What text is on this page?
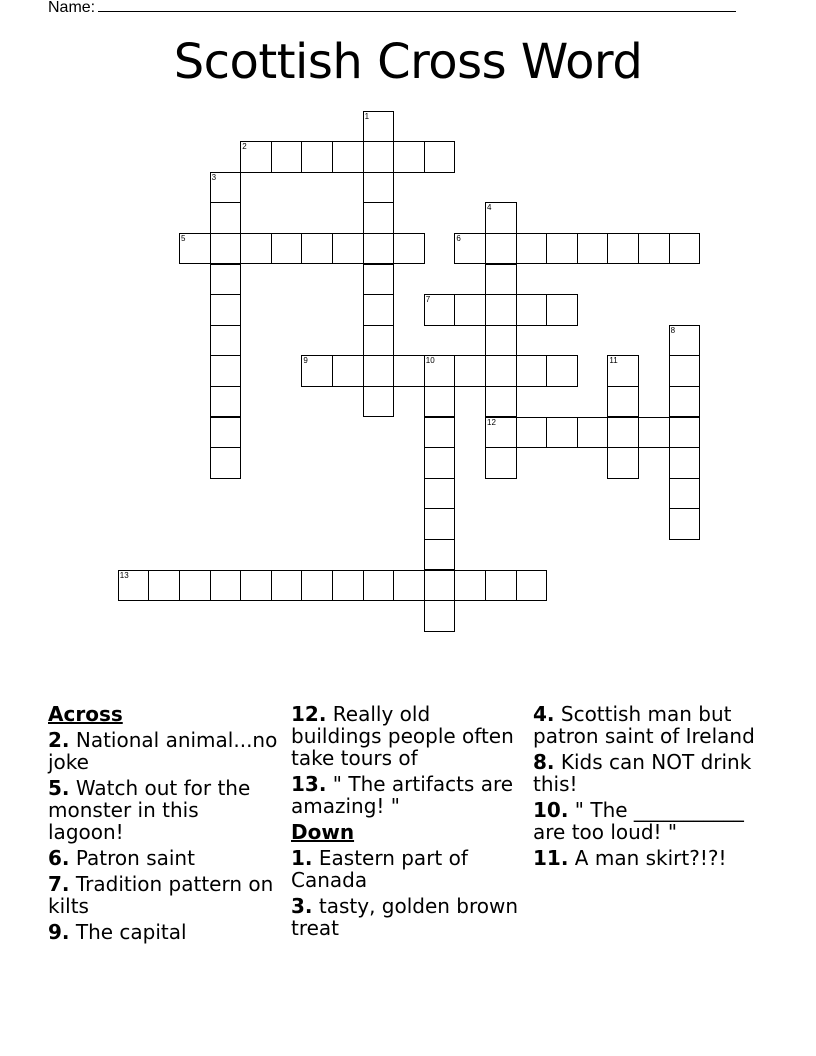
Name:
Scottish Cross Word
1
2
3
4
12
5	6
7
8
9	10	11
13
Across
2. National animal...no joke
5. Watch out for the monster in this lagoon!
6. Patron saint
7. Tradition pattern on kilts
9. The capital
12. Really old buildings people often take tours of
13. " The artifacts are amazing! "
Down
1. Eastern part of Canada
3. tasty, golden brown treat
4. Scottish man but patron saint of Ireland
8. Kids can NOT drink this!
10. " The ___________ are too loud! "
11. A man skirt?!?!
